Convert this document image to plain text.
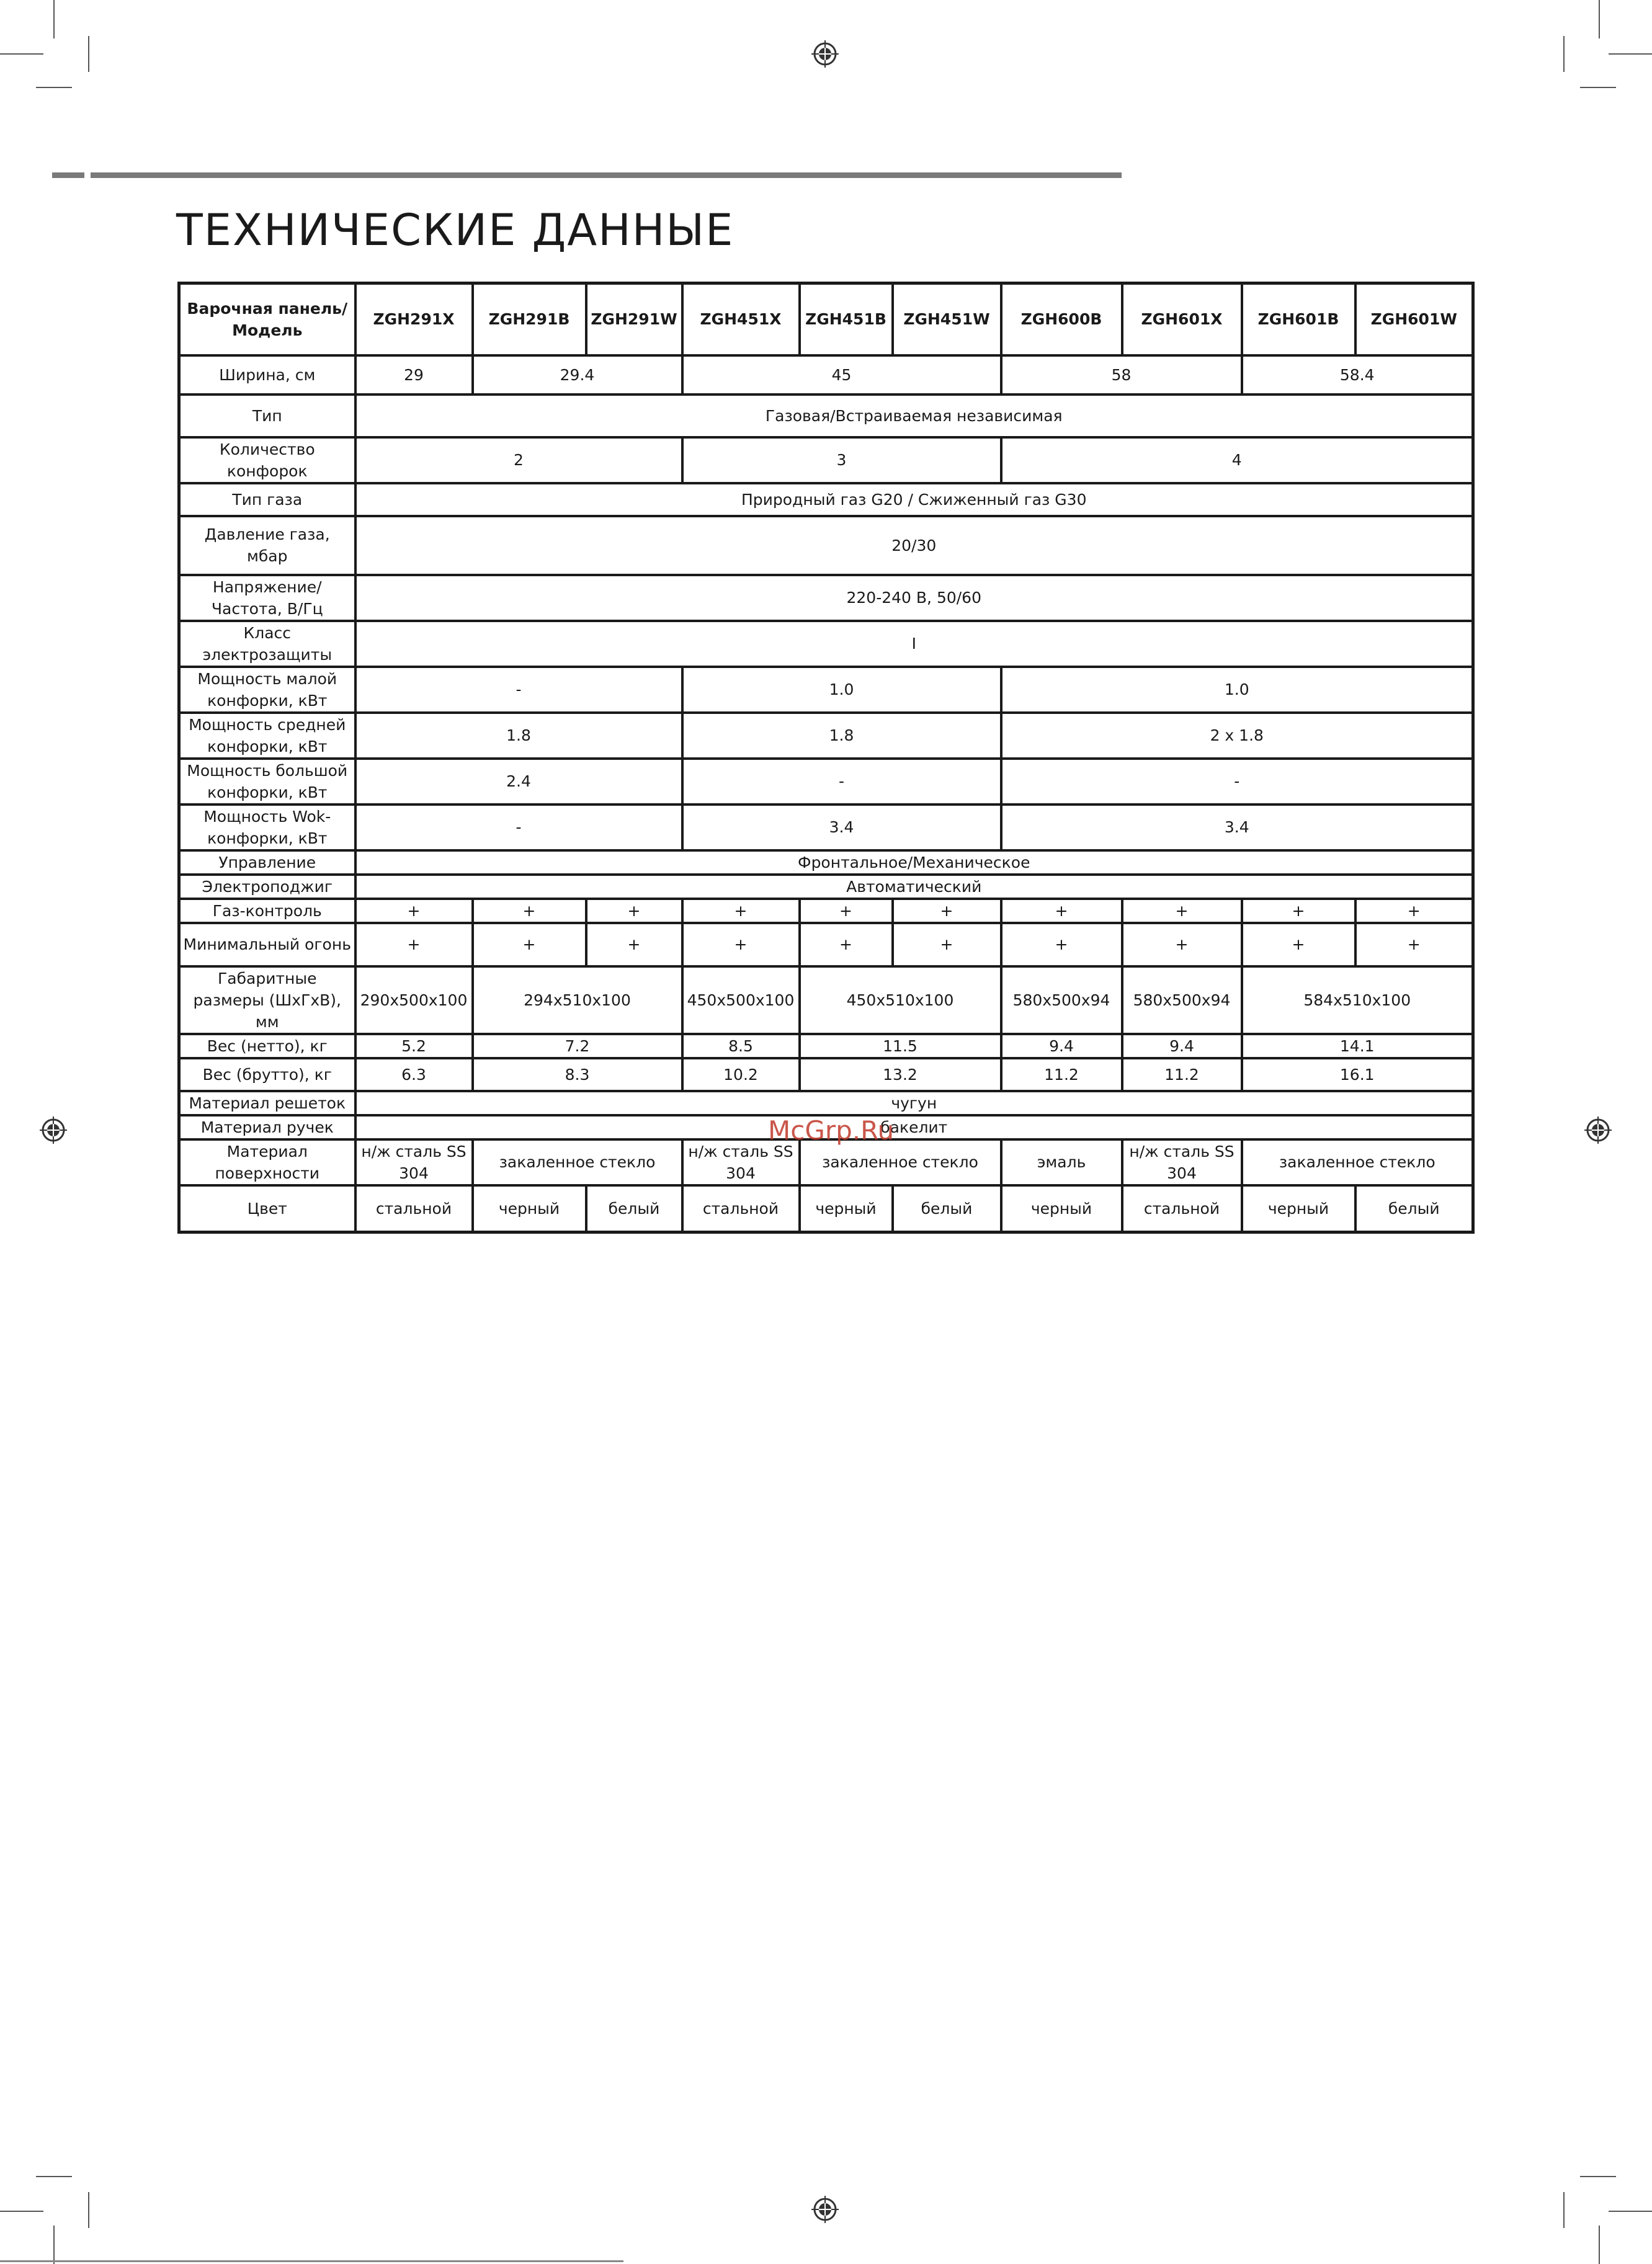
ТЕХНИЧЕСКИЕ ДАННЫЕ
Варочная панель/ Модель	ZGH291X	ZGH291B	ZGH291W	ZGH451X	ZGH451B	ZGH451W	ZGH600B	ZGH601X	ZGH601B	ZGH601W
Ширина, см	29	29.4		45			58		58.4	
Тип	Газовая/Встраиваемая независимая									
Количество конфорок	2			3			4			
Тип газа	Природный газ G20 / Сжиженный газ G30									
Давление газа, мбар	20/30									
Напряжение/ Частота, В/Гц	220-240 В, 50/60									
Класс электрозащиты	I									
Мощность малой конфорки, кВт	-			1.0			1.0			
Мощность средней конфорки, кВт	1.8			1.8			2 x 1.8			
Мощность большой конфорки, кВт	2.4			-			-			
Мощность Wok-конфорки, кВт	-			3.4			3.4			
Управление	Фронтальное/Механическое									
Электроподжиг	Автоматический									
Газ-контроль	+	+	+	+	+	+	+	+	+	+
Минимальный огонь	+	+	+	+	+	+	+	+	+	+
Габаритные размеры (ШxГxВ), мм	290x500x100	294x510x100		450x500x100	450x510x100		580x500x94	580x500x94	584x510x100	
Вес (нетто), кг	5.2	7.2		8.5	11.5		9.4	9.4	14.1	
Вес (брутто), кг	6.3	8.3		10.2	13.2		11.2	11.2	16.1	
Материал решеток	чугун									
Материал ручек	бакелит									
Материал поверхности	н/ж сталь SS 304	закаленное стекло		н/ж сталь SS 304	закаленное стекло		эмаль	н/ж сталь SS 304	закаленное стекло	
Цвет	стальной	черный	белый	стальной	черный	белый	черный	стальной	черный	белый
McGrp.Ru
